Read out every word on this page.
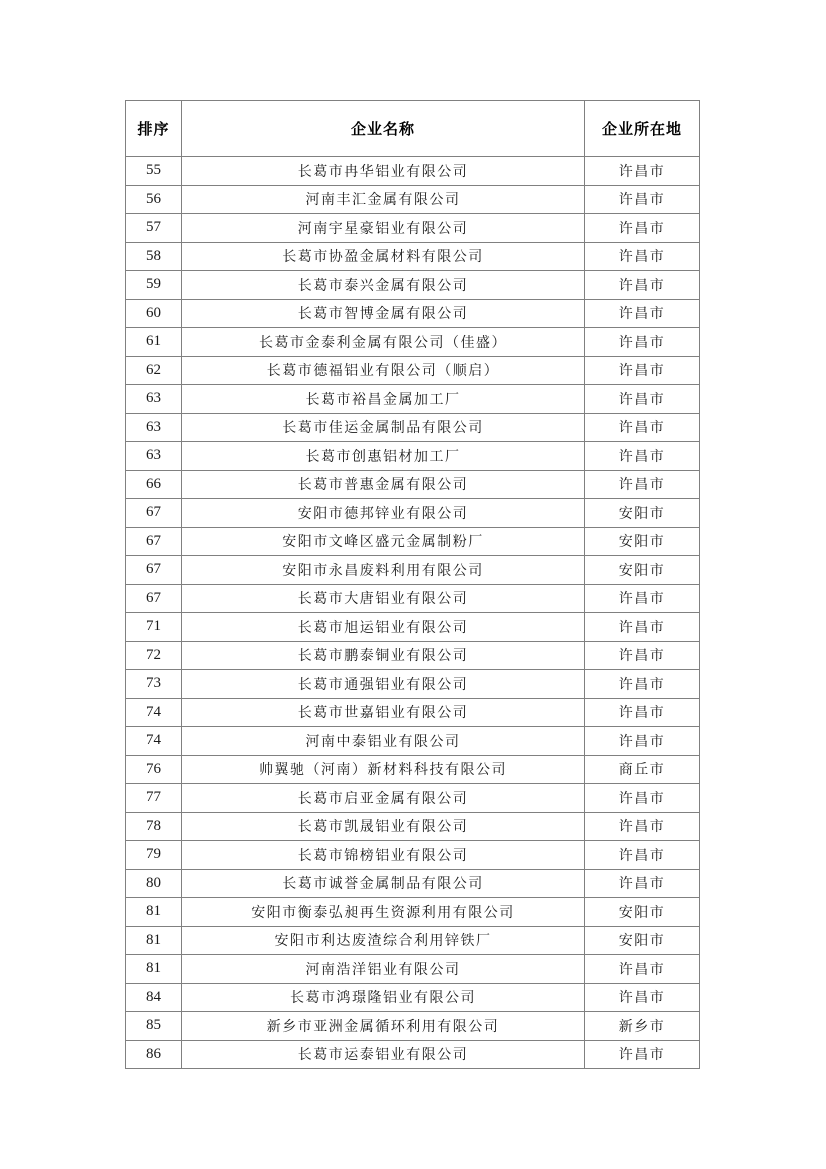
排序	企业名称	企业所在地
55	长葛市冉华铝业有限公司	许昌市
56	河南丰汇金属有限公司	许昌市
57	河南宇星豪铝业有限公司	许昌市
58	长葛市协盈金属材料有限公司	许昌市
59	长葛市泰兴金属有限公司	许昌市
60	长葛市智博金属有限公司	许昌市
61	长葛市金泰利金属有限公司（佳盛）	许昌市
62	长葛市德福铝业有限公司（顺启）	许昌市
63	长葛市裕昌金属加工厂	许昌市
63	长葛市佳运金属制品有限公司	许昌市
63	长葛市创惠铝材加工厂	许昌市
66	长葛市普惠金属有限公司	许昌市
67	安阳市德邦锌业有限公司	安阳市
67	安阳市文峰区盛元金属制粉厂	安阳市
67	安阳市永昌废料利用有限公司	安阳市
67	长葛市大唐铝业有限公司	许昌市
71	长葛市旭运铝业有限公司	许昌市
72	长葛市鹏泰铜业有限公司	许昌市
73	长葛市通强铝业有限公司	许昌市
74	长葛市世嘉铝业有限公司	许昌市
74	河南中泰铝业有限公司	许昌市
76	帅翼驰（河南）新材料科技有限公司	商丘市
77	长葛市启亚金属有限公司	许昌市
78	长葛市凯晟铝业有限公司	许昌市
79	长葛市锦榜铝业有限公司	许昌市
80	长葛市诚誉金属制品有限公司	许昌市
81	安阳市衡泰弘昶再生资源利用有限公司	安阳市
81	安阳市利达废渣综合利用锌铁厂	安阳市
81	河南浩洋铝业有限公司	许昌市
84	长葛市鸿璟隆铝业有限公司	许昌市
85	新乡市亚洲金属循环利用有限公司	新乡市
86	长葛市运泰铝业有限公司	许昌市
